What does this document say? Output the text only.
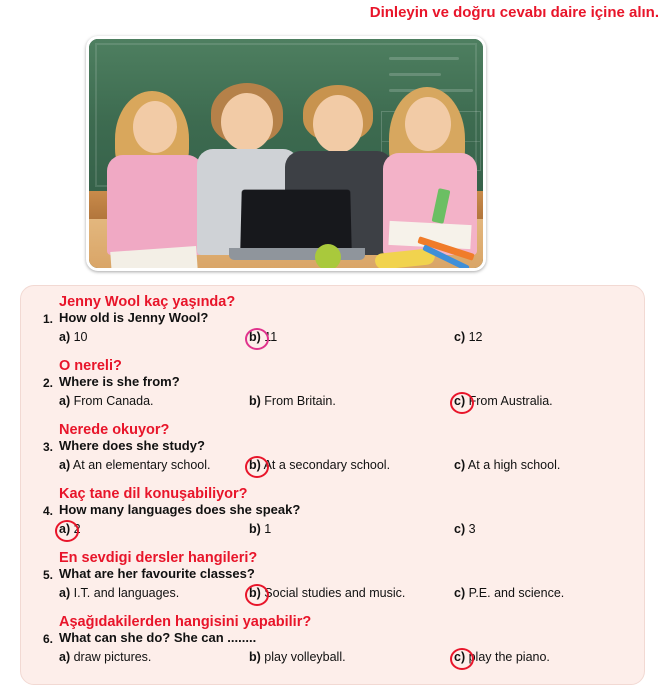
Dinleyin ve doğru cevabı daire içine alın.
1.
Jenny Wool kaç yaşında?
How old is Jenny Wool?
a) 10	b) 11	c) 12
2.
O nereli?
Where is she from?
a) From Canada.	b) From Britain.	c) From Australia.
3.
Nerede okuyor?
Where does she study?
a) At an elementary school.	b) At a secondary school.	c) At a high school.
4.
Kaç tane dil konuşabiliyor?
How many languages does she speak?
a) 2	b) 1	c) 3
5.
En sevdigi dersler hangileri?
What are her favourite classes?
a) I.T. and languages.	b) Social studies and music.	c) P.E. and science.
6.
Aşağıdakilerden hangisini yapabilir?
What can she do? She can ........
a) draw pictures.	b) play volleyball.	c) play the piano.
